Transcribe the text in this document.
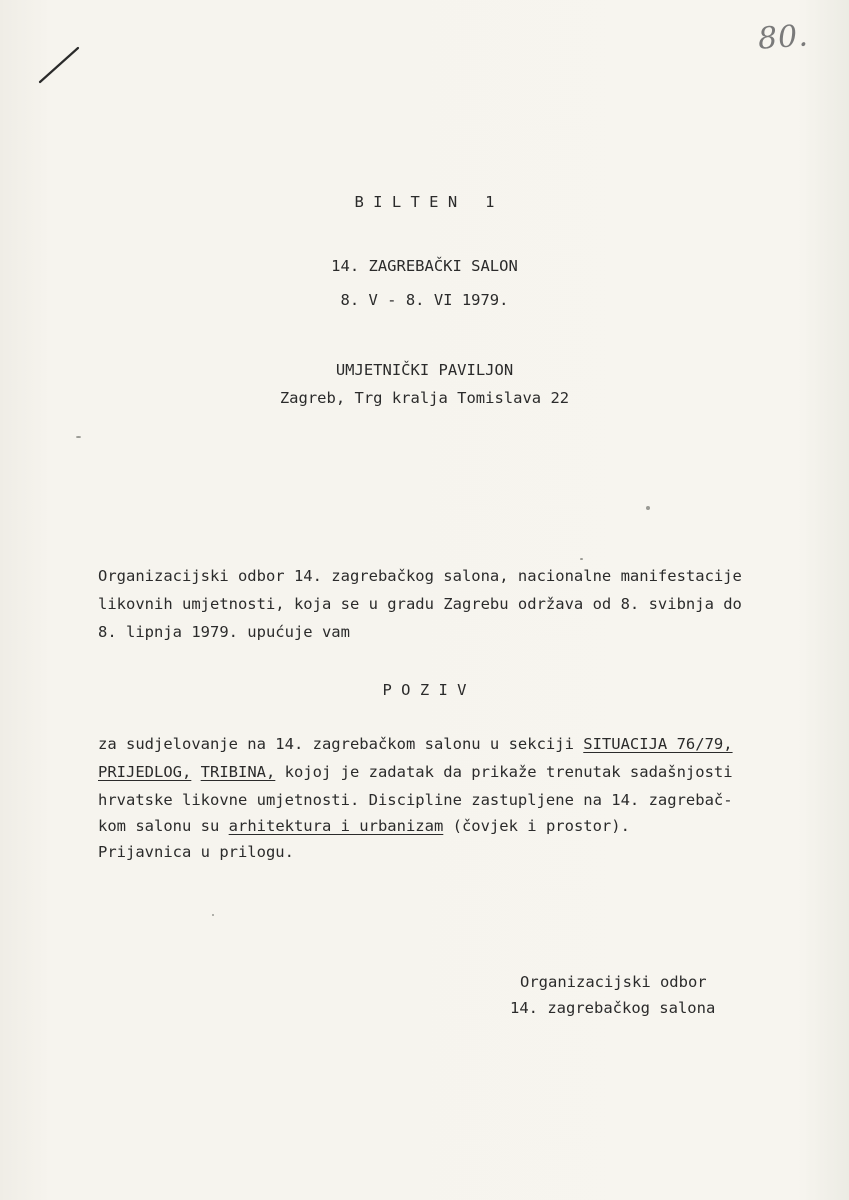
80.
B I L T E N   1
14. ZAGREBAČKI SALON
8. V - 8. VI 1979.
UMJETNIČKI PAVILJON
Zagreb, Trg kralja Tomislava 22
Organizacijski odbor 14. zagrebačkog salona, nacionalne manifestacije
likovnih umjetnosti, koja se u gradu Zagrebu održava od 8. svibnja do
8. lipnja 1979. upućuje vam
P O Z I V
za sudjelovanje na 14. zagrebačkom salonu u sekciji SITUACIJA 76/79,
PRIJEDLOG, TRIBINA, kojoj je zadatak da prikaže trenutak sadašnjosti
hrvatske likovne umjetnosti. Discipline zastupljene na 14. zagrebač-
kom salonu su arhitektura i urbanizam (čovjek i prostor).
Prijavnica u prilogu.
Organizacijski odbor
14. zagrebačkog salona
